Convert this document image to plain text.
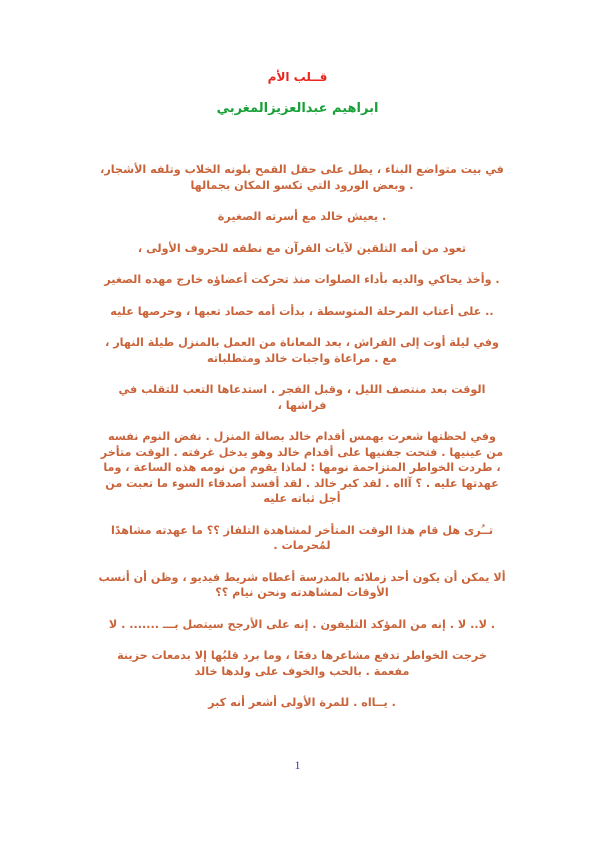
قــلب الأم
ابراهيم عبدالعزيزالمغربي

في بيت متواضع البناء ، يطل على حقل القمح بلونه الخلاب وتلفه الأشجار، . وبعض الورود التي تكسو المكان بجمالها

. يعيش خالد مع أسرته الصغيرة

تعود من أمه التلقين لآيات القرآن مع نطقه للحروف الأولى ،

. وأخذ يحاكي والديه بأداء الصلوات منذ تحركت أعضاؤه خارج مهده الصغير

.. على أعتاب المرحلة المتوسطة ، بدأت أمه حصاد تعبها ، وحرصها عليه

وفي ليلة أوت إلى الفراش ، بعد المعاناة من العمل بالمنزل طيلة النهار ، مع . مراعاة واجبات خالد ومتطلباته

الوقت بعد منتصف الليل ، وقبل الفجر . استدعاها التعب للتقلب في فراشها ،

وفي لحظتها شعرت بهمس أقدام خالد بصالة المنزل . نفض النوم نفسه من عينيها . فتحت جفنيها على أقدام خالد وهو يدخل غرفته . الوقت متأخر ، طردت الخواطر المتزاحمة نومها : لماذا يقوم من نومه هذه الساعة ، وما عهدتها عليه . ؟ آااه . لقد كبر خالد . لقد أفسد أصدقاء السوء ما تعبت من أجل ثباته عليه

تــُرى هل قام هذا الوقت المتأخر لمشاهدة التلفاز ؟؟ ما عهدته مشاهدًا لمُحرمات .

ألا يمكن أن يكون أحد زملائه بالمدرسة أعطاه شريط فيديو ، وظن أن أنسب الأوقات لمشاهدته ونحن نيام ؟؟

. لا.. لا . إنه من المؤكد التليفون . إنه على الأرجح سيتصل بـــ ....... . لا

خرجت الخواطر تدفع مشاعرها دفعًا ، وما برد قلبُها إلا بدمعات حزينة مفعمة . بالحب والخوف على ولدها خالد

. يــااه . للمرة الأولى أشعر أنه كبر

1
